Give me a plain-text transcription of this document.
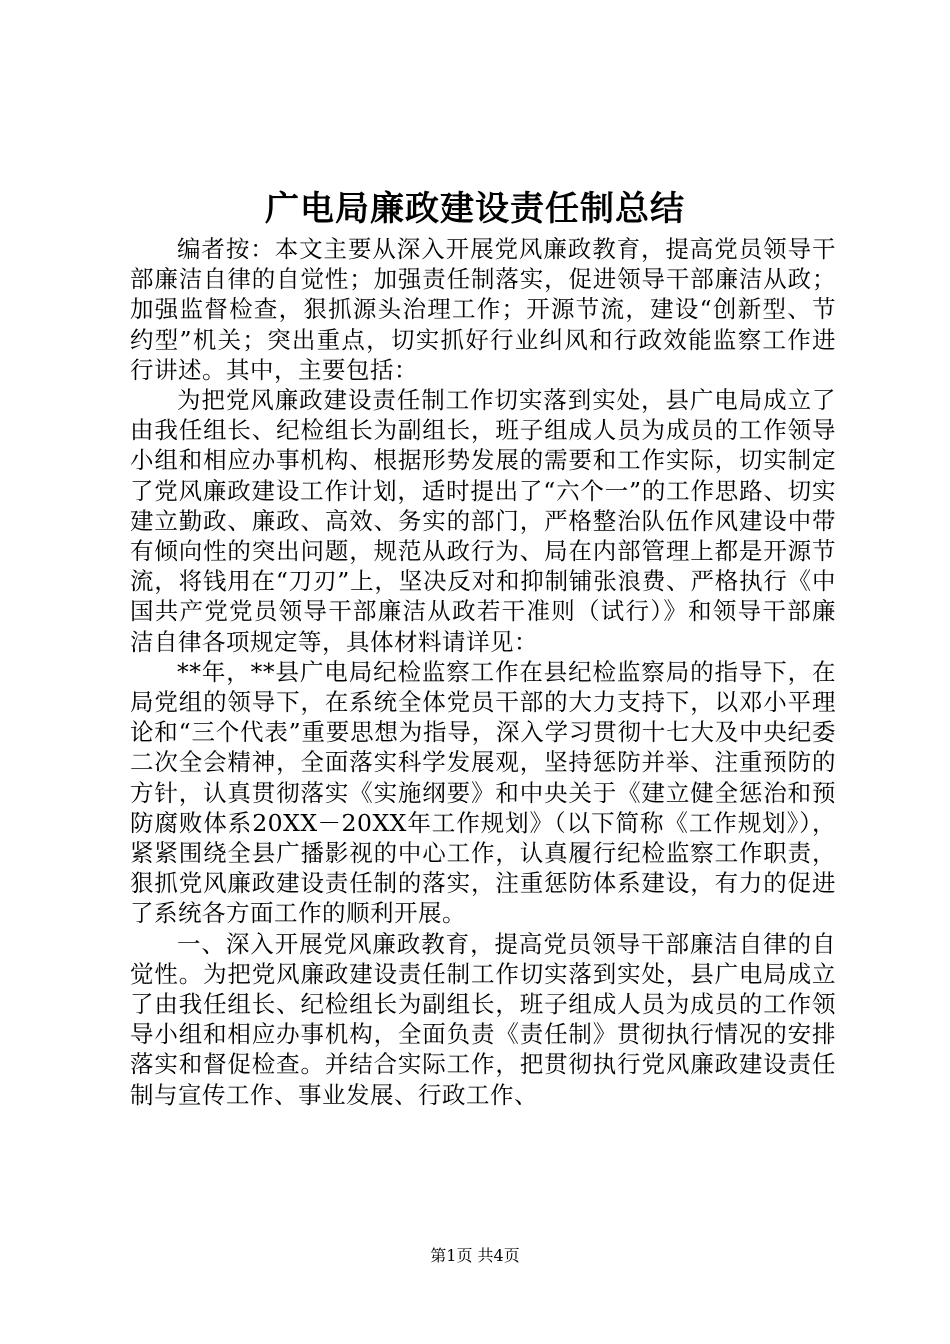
广电局廉政建设责任制总结

编者按：本文主要从深入开展党风廉政教育，提高党员领导干部廉洁自律的自觉性；加强责任制落实，促进领导干部廉洁从政；加强监督检查，狠抓源头治理工作；开源节流，建设“创新型、节约型”机关；突出重点，切实抓好行业纠风和行政效能监察工作进行讲述。其中，主要包括：

为把党风廉政建设责任制工作切实落到实处，县广电局成立了由我任组长、纪检组长为副组长，班子组成人员为成员的工作领导小组和相应办事机构、根据形势发展的需要和工作实际，切实制定了党风廉政建设工作计划，适时提出了“六个一”的工作思路、切实建立勤政、廉政、高效、务实的部门，严格整治队伍作风建设中带有倾向性的突出问题，规范从政行为、局在内部管理上都是开源节流，将钱用在“刀刃”上，坚决反对和抑制铺张浪费、严格执行《中国共产党党员领导干部廉洁从政若干准则（试行）》和领导干部廉洁自律各项规定等，具体材料请详见：

**年，**县广电局纪检监察工作在县纪检监察局的指导下，在局党组的领导下，在系统全体党员干部的大力支持下，以邓小平理论和“三个代表”重要思想为指导，深入学习贯彻十七大及中央纪委二次全会精神，全面落实科学发展观，坚持惩防并举、注重预防的方针，认真贯彻落实《实施纲要》和中央关于《建立健全惩治和预防腐败体系20XX－20XX年工作规划》（以下简称《工作规划》），紧紧围绕全县广播影视的中心工作，认真履行纪检监察工作职责，狠抓党风廉政建设责任制的落实，注重惩防体系建设，有力的促进了系统各方面工作的顺利开展。

一、深入开展党风廉政教育，提高党员领导干部廉洁自律的自觉性。为把党风廉政建设责任制工作切实落到实处，县广电局成立了由我任组长、纪检组长为副组长，班子组成人员为成员的工作领导小组和相应办事机构，全面负责《责任制》贯彻执行情况的安排落实和督促检查。并结合实际工作，把贯彻执行党风廉政建设责任制与宣传工作、事业发展、行政工作、

第1页 共4页
